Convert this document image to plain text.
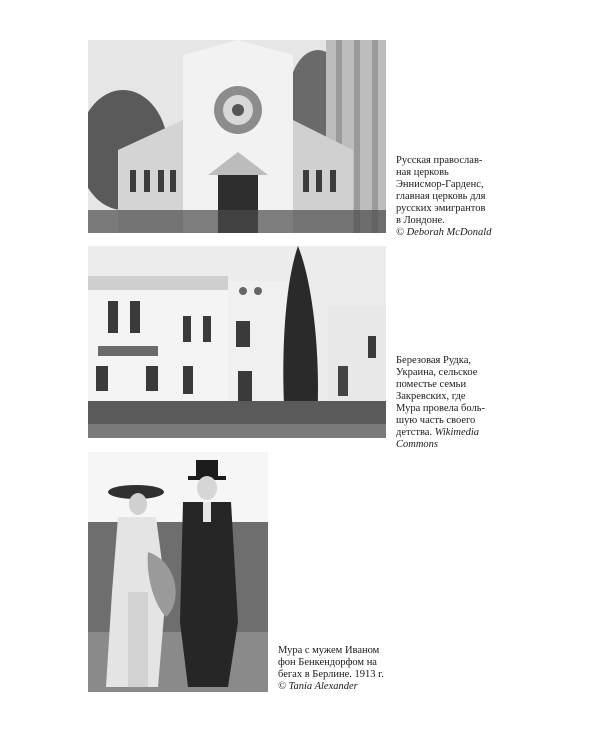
Русская православ-

ная церковь

Эннисмор-Гарденс,

главная церковь для

русских эмигрантов

в Лондоне.

© Deborah McDonald

Березовая Рудка,

Украина, сельское

поместье семьи

Закревских, где

Мура провела боль-

шую часть своего

детства. Wikimedia

Commons

Мура с мужем Иваном

фон Бенкендорфом на

бегах в Берлине. 1913 г.

© Tania Alexander
